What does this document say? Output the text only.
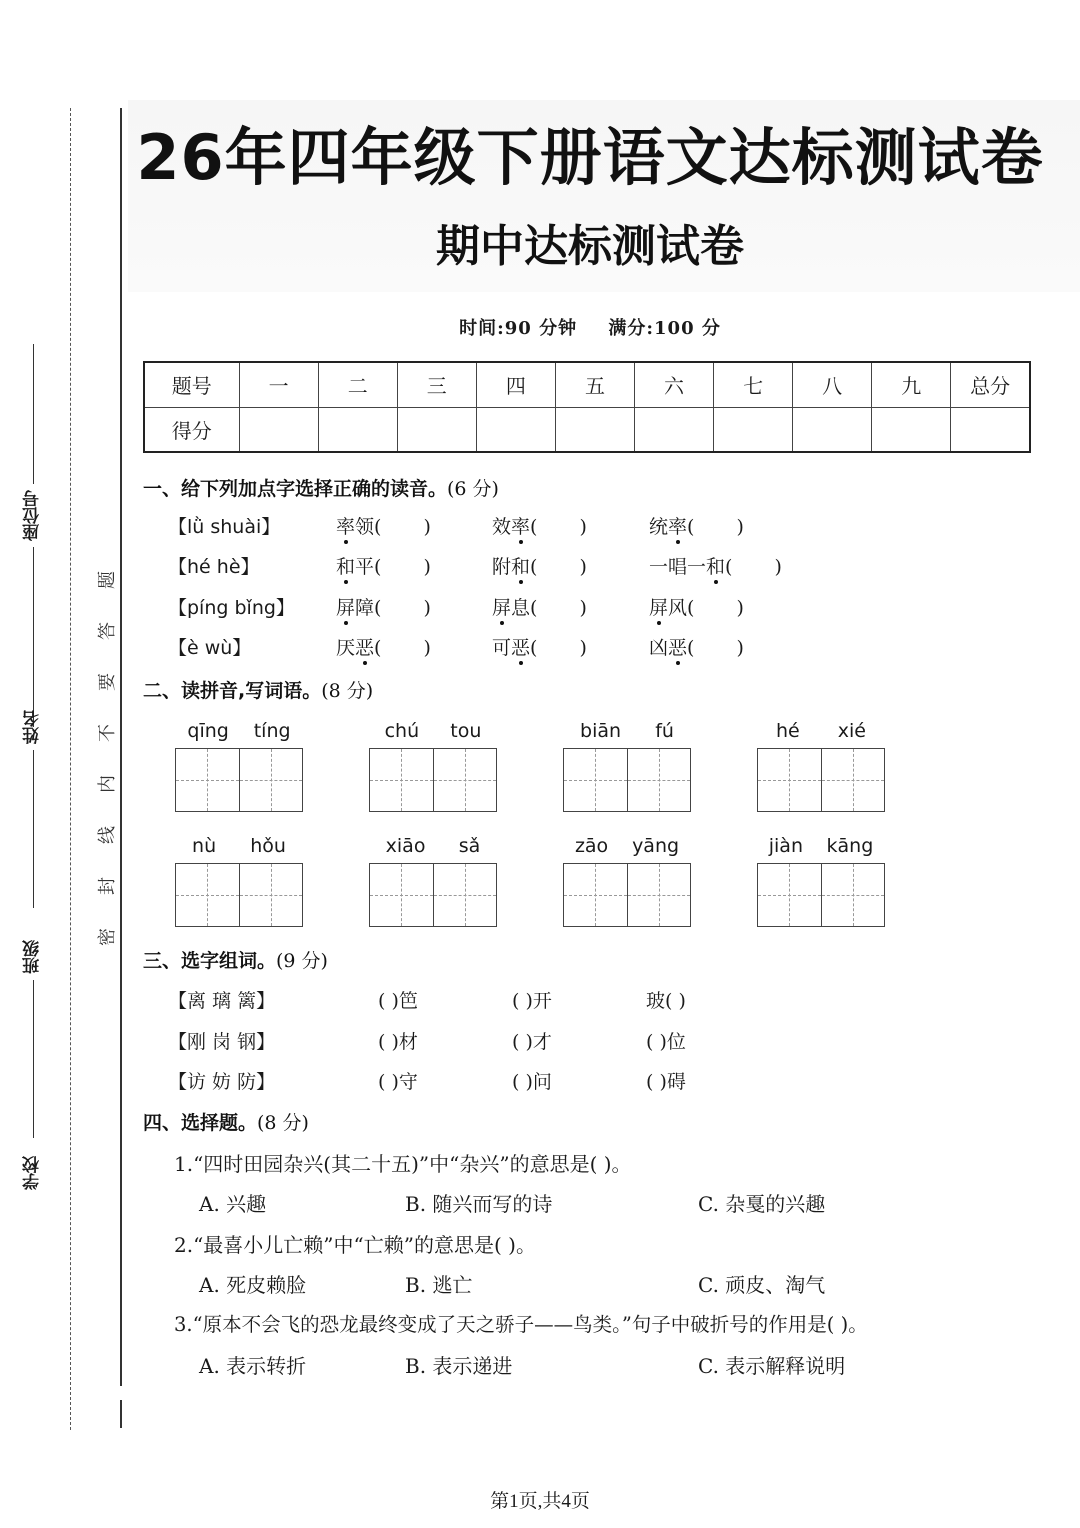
座位号
姓名
班级
学校
题
答
要
不
内
线
封
密
26年四年级下册语文达标测试卷
期中达标测试卷
时间:90 分钟 满分:100 分
题号	一	二	三	四	五	六	七	八	九	总分
得分										
一、给下列加点字选择正确的读音。(6 分)
【lǜ shuài】	率领( )	效率( )	统率( )
【hé hè】	和平( )	附和( )	一唱一和( )
【píng bǐng】 屏障( )	屏息( )	屏风( )
【è wù】	厌恶( )	可恶( )	凶恶( )
二、读拼音,写词语。(8 分)
qīng tíng	chú tou	biān fú	hé xié
nù hǒu	xiāo sǎ	zāo yāng	jiàn kāng
三、选字组词。(9 分)
【离 璃 篱】	( )笆	( )开	玻( )
【刚 岗 钢】	( )材	( )才	( )位
【访 妨 防】	( )守	( )问	( )碍
四、选择题。(8 分)
1.“四时田园杂兴(其二十五)”中“杂兴”的意思是( )。
A. 兴趣	B. 随兴而写的诗	C. 杂戛的兴趣
2.“最喜小儿亡赖”中“亡赖”的意思是( )。
A. 死皮赖脸	B. 逃亡	C. 顽皮、淘气
3.“原本不会飞的恐龙最终变成了天之骄子——鸟类。”句子中破折号的作用是( )。
A. 表示转折	B. 表示递进	C. 表示解释说明
第1页,共4页
